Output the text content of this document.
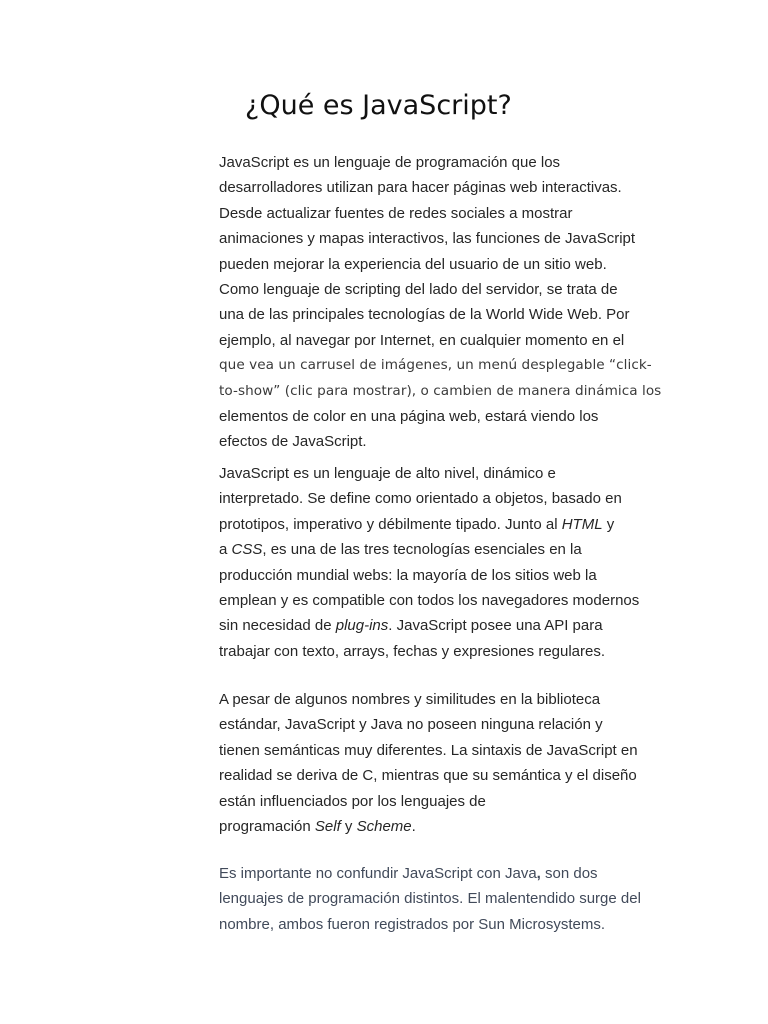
¿Qué es JavaScript?
JavaScript es un lenguaje de programación que los
desarrolladores utilizan para hacer páginas web interactivas.
Desde actualizar fuentes de redes sociales a mostrar
animaciones y mapas interactivos, las funciones de JavaScript
pueden mejorar la experiencia del usuario de un sitio web.
Como lenguaje de scripting del lado del servidor, se trata de
una de las principales tecnologías de la World Wide Web. Por
ejemplo, al navegar por Internet, en cualquier momento en el
que vea un carrusel de imágenes, un menú desplegable “click-
to-show” (clic para mostrar), o cambien de manera dinámica los
elementos de color en una página web, estará viendo los
efectos de JavaScript.
JavaScript es un lenguaje de alto nivel, dinámico e
interpretado. Se define como orientado a objetos, basado en
prototipos, imperativo y débilmente tipado. Junto al HTML y
a CSS, es una de las tres tecnologías esenciales en la
producción mundial webs: la mayoría de los sitios web la
emplean y es compatible con todos los navegadores modernos
sin necesidad de plug-ins. JavaScript posee una API para
trabajar con texto, arrays, fechas y expresiones regulares.
A pesar de algunos nombres y similitudes en la biblioteca
estándar, JavaScript y Java no poseen ninguna relación y
tienen semánticas muy diferentes. La sintaxis de JavaScript en
realidad se deriva de C, mientras que su semántica y el diseño
están influenciados por los lenguajes de
programación Self y Scheme.
Es importante no confundir JavaScript con Java, son dos
lenguajes de programación distintos. El malentendido surge del
nombre, ambos fueron registrados por Sun Microsystems.
